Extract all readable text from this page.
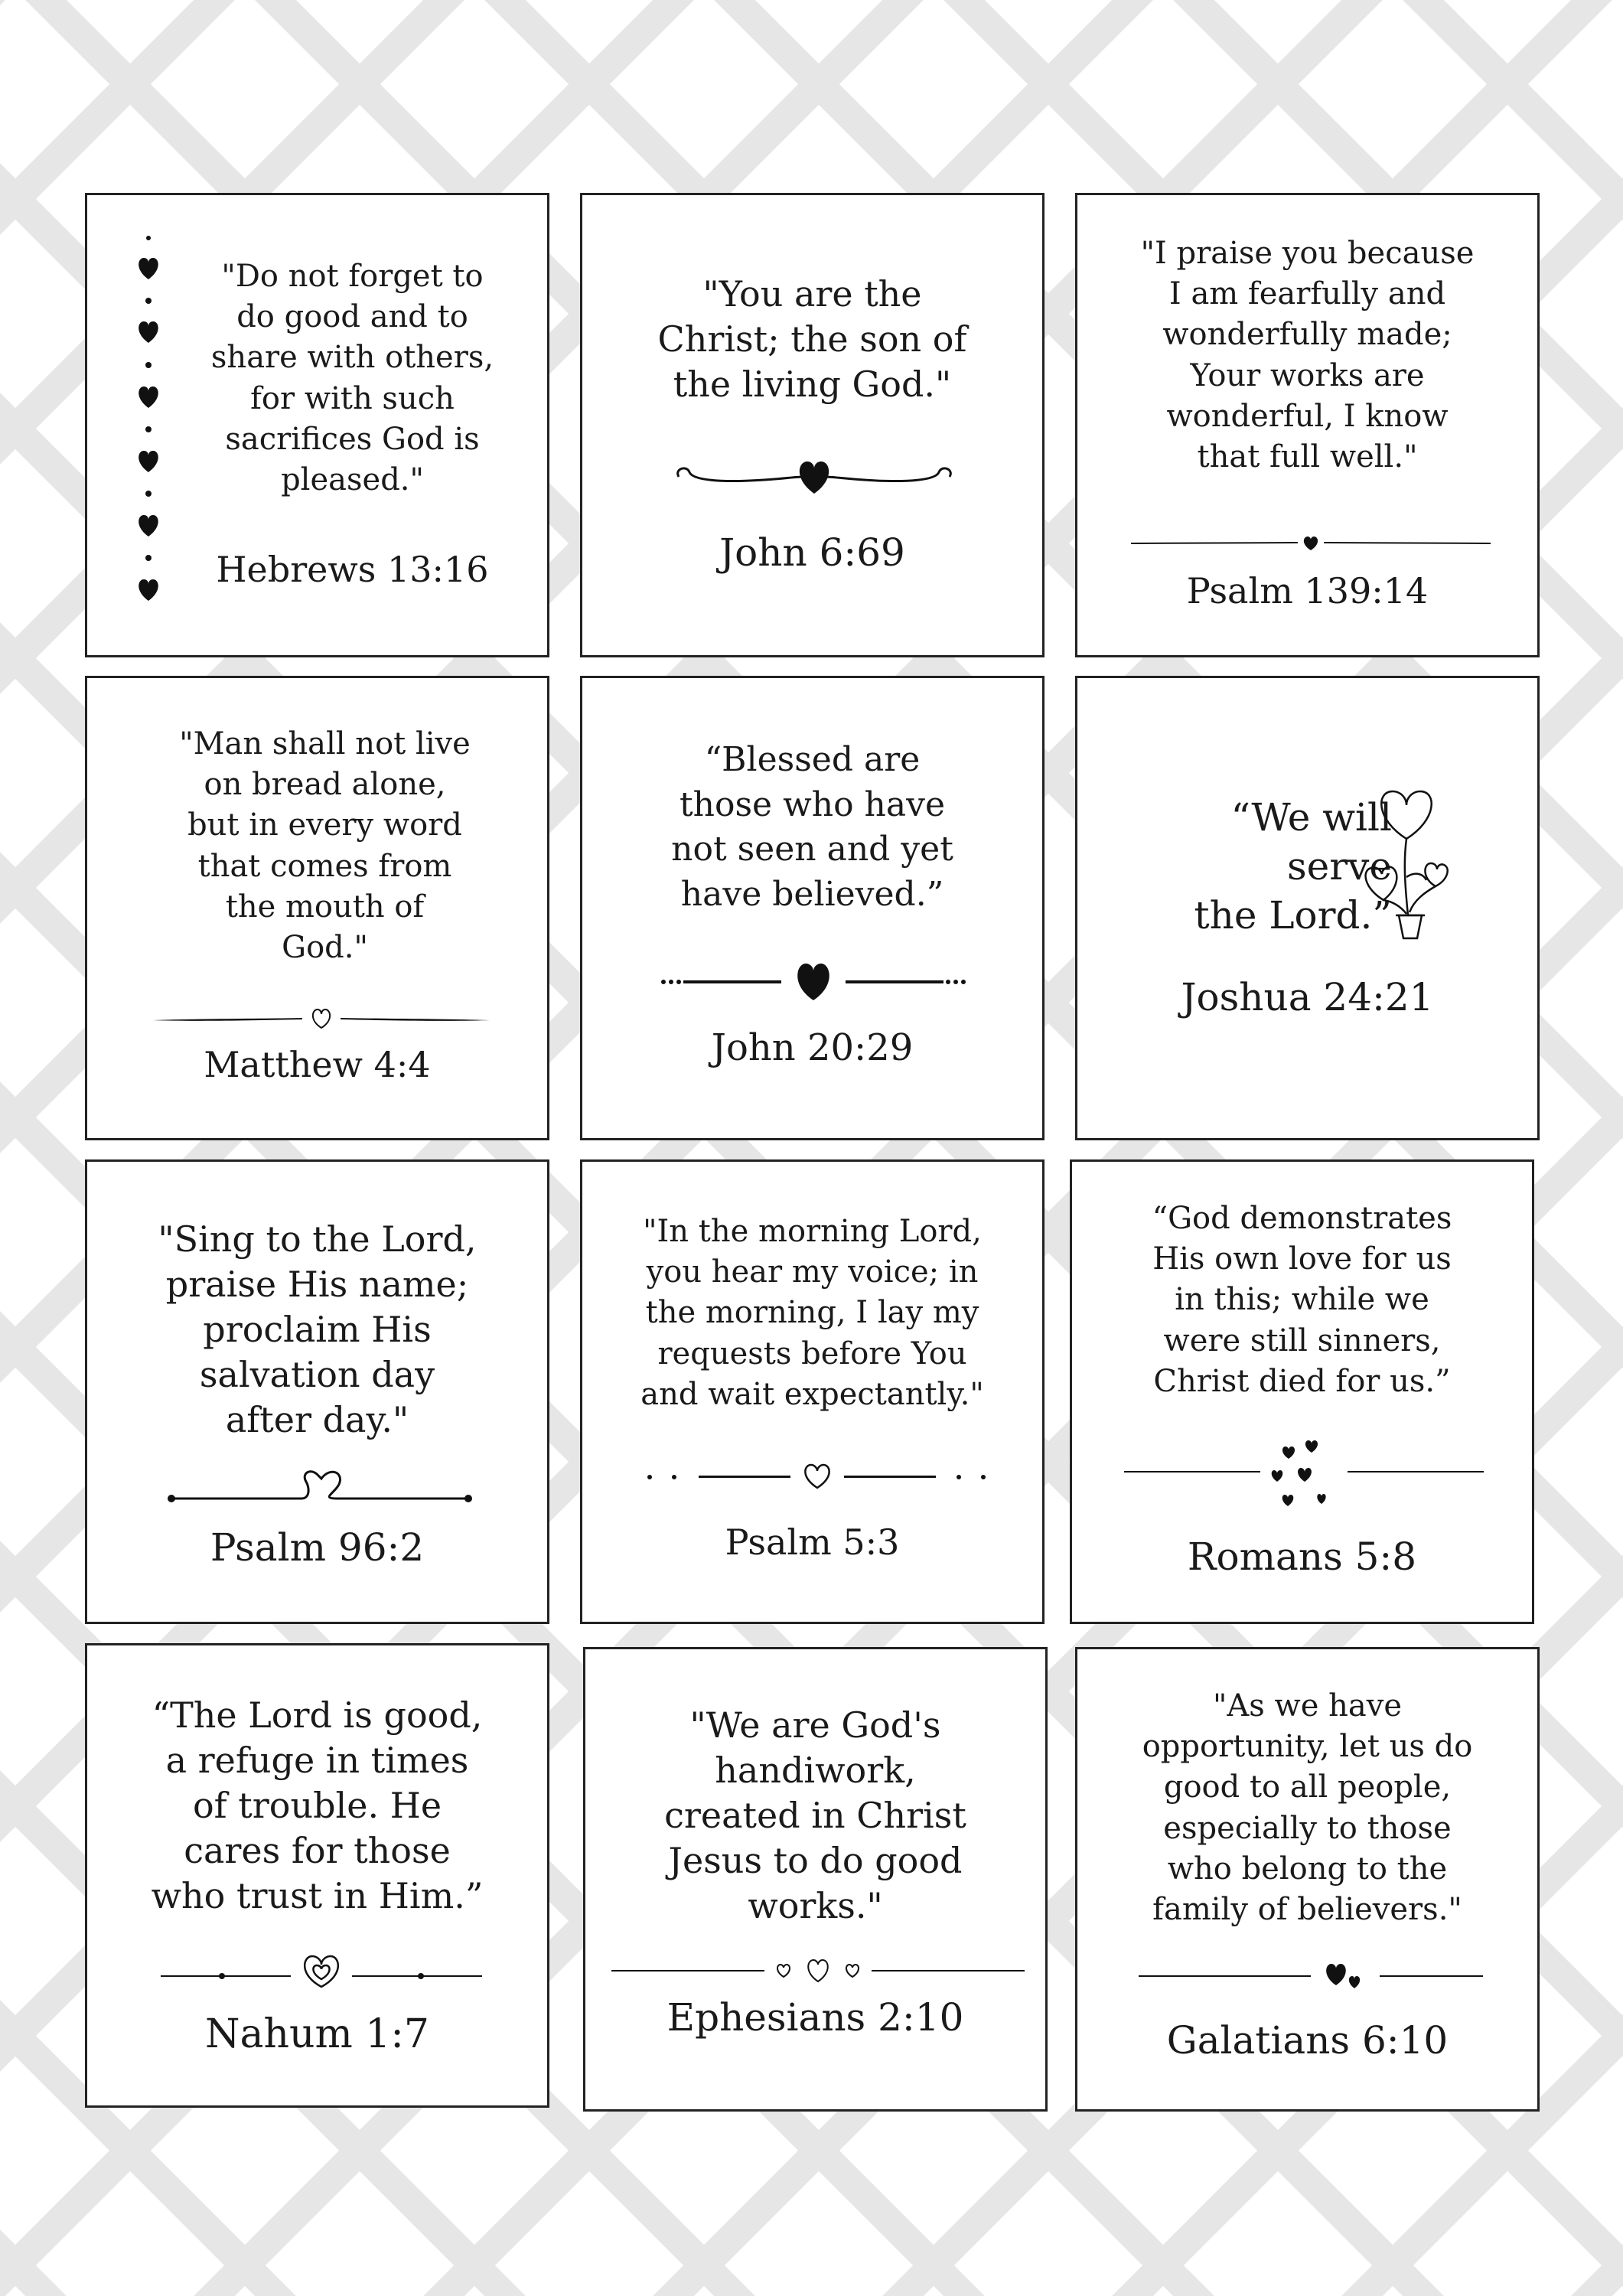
"Do not forget to
do good and to
share with others,
for with such
sacrifices God is
pleased."

Hebrews 13:16

"You are the
Christ; the son of
the living God."

John 6:69

"I praise you because
I am fearfully and
wonderfully made;
Your works are
wonderful, I know
that full well."

Psalm 139:14

"Man shall not live
on bread alone,
but in every word
that comes from
the mouth of
God."

Matthew 4:4

“Blessed are
those who have
not seen and yet
have believed.”

John 20:29

“We will
serve
the Lord.”

Joshua 24:21

"Sing to the Lord,
praise His name;
proclaim His
salvation day
after day."

Psalm 96:2

"In the morning Lord,
you hear my voice; in
the morning, I lay my
requests before You
and wait expectantly."

Psalm 5:3

“God demonstrates
His own love for us
in this; while we
were still sinners,
Christ died for us.”

Romans 5:8

“The Lord is good,
a refuge in times
of trouble. He
cares for those
who trust in Him.”

Nahum 1:7

"We are God's
handiwork,
created in Christ
Jesus to do good
works."

Ephesians 2:10

"As we have
opportunity, let us do
good to all people,
especially to those
who belong to the
family of believers."

Galatians 6:10
